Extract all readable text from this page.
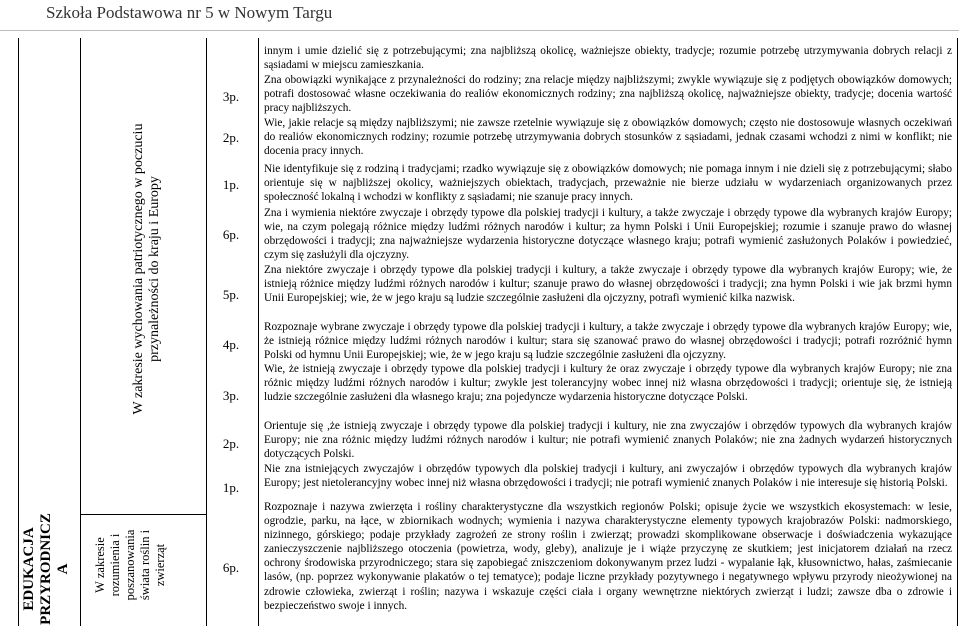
Szkoła Podstawowa nr 5 w Nowym Targu
EDUKACJA PRZYRODNICZ A
W zakresie wychowania patriotycznego w poczuciu przynależności do kraju i Europy
W zakresie rozumienia i poszanowania świata roślin i zwierząt
3p.
2p.
1p.
6p.
5p.
4p.
3p.
2p.
1p.
6p.
innym i umie dzielić się z potrzebującymi; zna najbliższą okolicę, ważniejsze obiekty, tradycje; rozumie potrzebę utrzymywania dobrych relacji z sąsiadami w miejscu zamieszkania.
Zna obowiązki wynikające z przynależności do rodziny; zna relacje między najbliższymi; zwykle wywiązuje się z podjętych obowiązków domowych; potrafi dostosować własne oczekiwania do realiów ekonomicznych rodziny; zna najbliższą okolicę, najważniejsze obiekty, tradycje; docenia wartość pracy najbliższych.
Wie, jakie relacje są między najbliższymi; nie zawsze rzetelnie wywiązuje się z obowiązków domowych; często nie dostosowuje własnych oczekiwań do realiów ekonomicznych rodziny; rozumie potrzebę utrzymywania dobrych stosunków z sąsiadami, jednak czasami wchodzi z nimi w konflikt; nie docenia pracy innych.
Nie identyfikuje się z rodziną i tradycjami; rzadko wywiązuje się z obowiązków domowych; nie pomaga innym i nie dzieli się z potrzebującymi; słabo orientuje się w najbliższej okolicy, ważniejszych obiektach, tradycjach, przeważnie nie bierze udziału w wydarzeniach organizowanych przez społeczność lokalną i wchodzi w konflikty z sąsiadami; nie szanuje pracy innych.
Zna i wymienia niektóre zwyczaje i obrzędy typowe dla polskiej tradycji i kultury, a także zwyczaje i obrzędy typowe dla wybranych krajów Europy; wie, na czym polegają różnice między ludźmi różnych narodów i kultur; za hymn Polski i Unii Europejskiej; rozumie i szanuje prawo do własnej obrzędowości i tradycji; zna najważniejsze wydarzenia historyczne dotyczące własnego kraju; potrafi wymienić zasłużonych Polaków i powiedzieć, czym się zasłużyli dla ojczyzny.
Zna niektóre zwyczaje i obrzędy typowe dla polskiej tradycji i kultury, a także zwyczaje i obrzędy typowe dla wybranych krajów Europy; wie, że istnieją różnice między ludźmi różnych narodów i kultur; szanuje prawo do własnej obrzędowości i tradycji; zna hymn Polski i wie jak brzmi hymn Unii Europejskiej; wie, że w jego kraju są ludzie szczególnie zasłużeni dla ojczyzny, potrafi wymienić kilka nazwisk.
Rozpoznaje wybrane zwyczaje i obrzędy typowe dla polskiej tradycji i kultury, a także zwyczaje i obrzędy typowe dla wybranych krajów Europy; wie, że istnieją różnice między ludźmi różnych narodów i kultur; stara się szanować prawo do własnej obrzędowości i tradycji; potrafi rozróżnić hymn Polski od hymnu Unii Europejskiej; wie, że w jego kraju są ludzie szczególnie zasłużeni dla ojczyzny.
Wie, że istnieją zwyczaje i obrzędy typowe dla polskiej tradycji i kultury że oraz zwyczaje i obrzędy typowe dla wybranych krajów Europy; nie zna różnic między ludźmi różnych narodów i kultur; zwykle jest tolerancyjny wobec innej niż własna obrzędowości i tradycji; orientuje się, że istnieją ludzie szczególnie zasłużeni dla własnego kraju; zna pojedyncze wydarzenia historyczne dotyczące Polski.
Orientuje się ,że istnieją zwyczaje i obrzędy typowe dla polskiej tradycji i kultury, nie zna zwyczajów i obrzędów typowych dla wybranych krajów Europy; nie zna różnic między ludźmi różnych narodów i kultur; nie potrafi wymienić znanych Polaków; nie zna żadnych wydarzeń historycznych dotyczących Polski.
Nie zna istniejących zwyczajów i obrzędów typowych dla polskiej tradycji i kultury, ani zwyczajów i obrzędów typowych dla wybranych krajów Europy; jest nietolerancyjny wobec innej niż własna obrzędowości i tradycji; nie potrafi wymienić znanych Polaków i nie interesuje się historią Polski.
Rozpoznaje i nazywa zwierzęta i rośliny charakterystyczne dla wszystkich regionów Polski; opisuje życie we wszystkich ekosystemach: w lesie, ogrodzie, parku, na łące, w zbiornikach wodnych; wymienia i nazywa charakterystyczne elementy typowych krajobrazów Polski: nadmorskiego, nizinnego, górskiego; podaje przykłady zagrożeń ze strony roślin i zwierząt; prowadzi skomplikowane obserwacje i doświadczenia wykazujące zanieczyszczenie najbliższego otoczenia (powietrza, wody, gleby), analizuje je i wiąże przyczynę ze skutkiem; jest inicjatorem działań na rzecz ochrony środowiska przyrodniczego; stara się zapobiegać zniszczeniom dokonywanym przez ludzi - wypalanie łąk, kłusownictwo, hałas, zaśmiecanie lasów, (np. poprzez wykonywanie plakatów o tej tematyce); podaje liczne przykłady pozytywnego i negatywnego wpływu przyrody nieożywionej na zdrowie człowieka, zwierząt i roślin; nazywa i wskazuje części ciała i organy wewnętrzne niektórych zwierząt i ludzi; zawsze dba o zdrowie i bezpieczeństwo swoje i innych.
